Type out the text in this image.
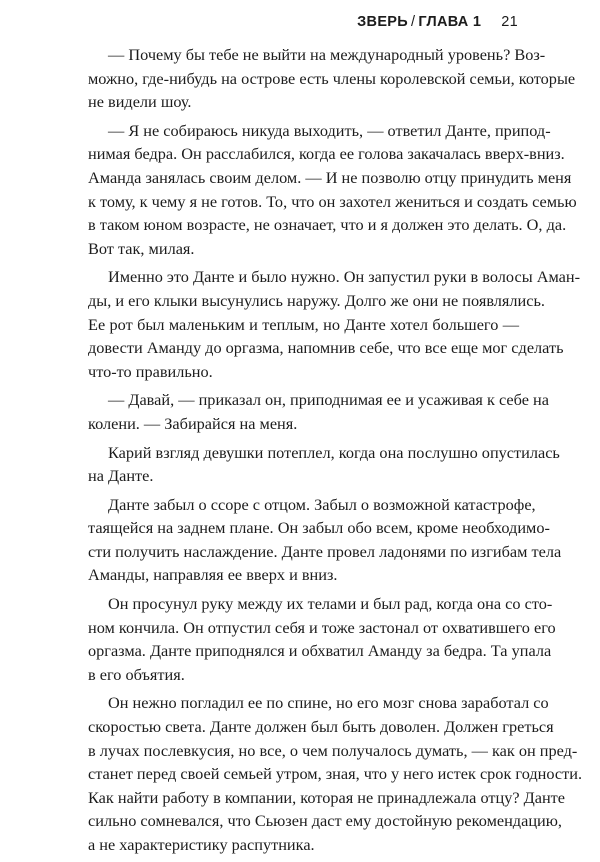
ЗВЕРЬ / ГЛАВА 1 21
— Почему бы тебе не выйти на международный уровень? Воз-
можно, где-нибудь на острове есть члены королевской семьи, которые
не видели шоу.
— Я не собираюсь никуда выходить, — ответил Данте, припод-
нимая бедра. Он расслабился, когда ее голова закачалась вверх-вниз.
Аманда занялась своим делом. — И не позволю отцу принудить меня
к тому, к чему я не готов. То, что он захотел жениться и создать семью
в таком юном возрасте, не означает, что и я должен это делать. О, да.
Вот так, милая.
Именно это Данте и было нужно. Он запустил руки в волосы Аман-
ды, и его клыки высунулись наружу. Долго же они не появлялись.
Ее рот был маленьким и теплым, но Данте хотел большего —
довести Аманду до оргазма, напомнив себе, что все еще мог сделать
что-то правильно.
— Давай, — приказал он, приподнимая ее и усаживая к себе на
колени. — Забирайся на меня.
Карий взгляд девушки потеплел, когда она послушно опустилась
на Данте.
Данте забыл о ссоре с отцом. Забыл о возможной катастрофе,
таящейся на заднем плане. Он забыл обо всем, кроме необходимо-
сти получить наслаждение. Данте провел ладонями по изгибам тела
Аманды, направляя ее вверх и вниз.
Он просунул руку между их телами и был рад, когда она со сто-
ном кончила. Он отпустил себя и тоже застонал от охватившего его
оргазма. Данте приподнялся и обхватил Аманду за бедра. Та упала
в его объятия.
Он нежно погладил ее по спине, но его мозг снова заработал со
скоростью света. Данте должен был быть доволен. Должен греться
в лучах послевкусия, но все, о чем получалось думать, — как он пред-
станет перед своей семьей утром, зная, что у него истек срок годности.
Как найти работу в компании, которая не принадлежала отцу? Данте
сильно сомневался, что Сьюзен даст ему достойную рекомендацию,
а не характеристику распутника.
